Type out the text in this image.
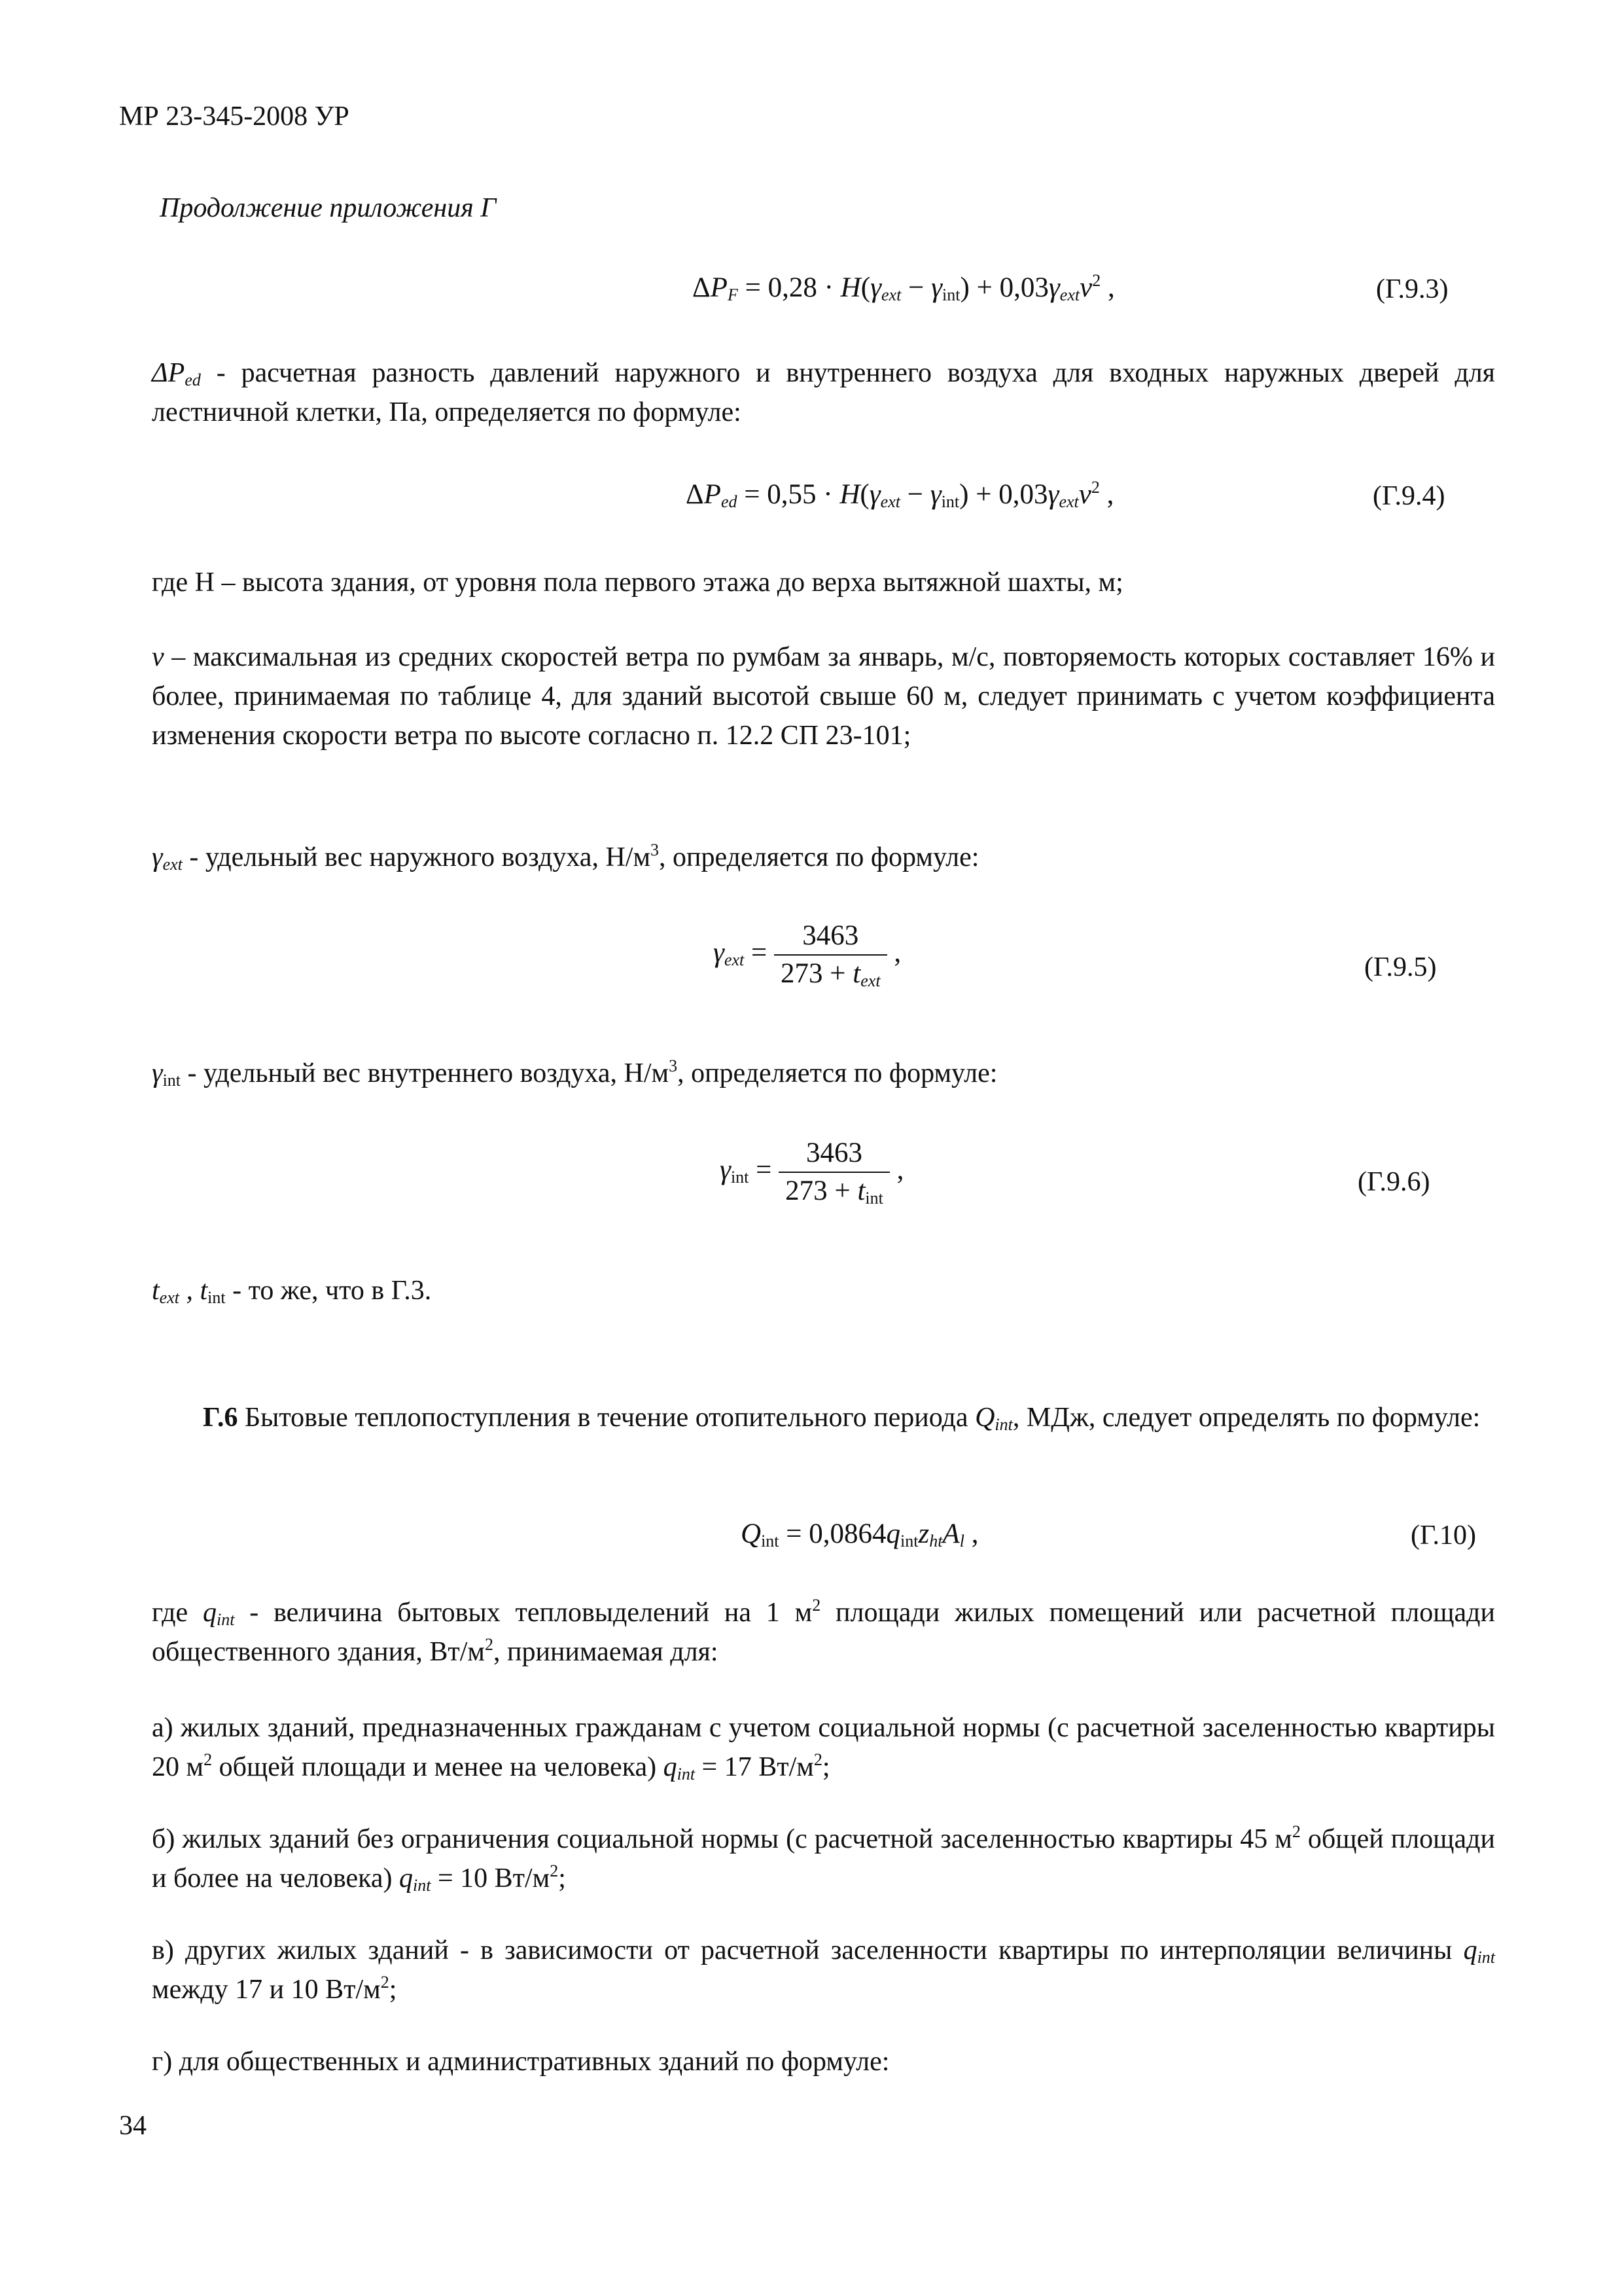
МР 23-345-2008 УР
Продолжение приложения Г
$\Delta P_F = 0,28 \cdot H(\gamma_{ext} - \gamma_{int}) + 0,03\gamma_{ext}\nu^2$ ,	(Г.9.3)

$\Delta P_{ed}$ - расчетная разность давлений наружного и внутреннего воздуха для входных наружных дверей для лестничной клетки, Па, определяется по формуле:

$\Delta P_{ed} = 0,55 \cdot H(\gamma_{ext} - \gamma_{int}) + 0,03\gamma_{ext}\nu^2$ ,	(Г.9.4)

где H – высота здания, от уровня пола первого этажа до верха вытяжной шахты, м;

ν – максимальная из средних скоростей ветра по румбам за январь, м/с, повторяемость которых составляет 16% и более, принимаемая по таблице 4, для зданий высотой свыше 60 м, следует принимать с учетом коэффициента изменения скорости ветра по высоте согласно п. 12.2 СП 23-101;

$\gamma_{ext}$ - удельный вес наружного воздуха, $Н/м^3$, определяется по формуле:

$\gamma_{ext} = \frac{3463}{273 + t_{ext}}$ ,	(Г.9.5)

$\gamma_{int}$ - удельный вес внутреннего воздуха, $Н/м^3$, определяется по формуле:

$\gamma_{int} = \frac{3463}{273 + t_{int}}$ ,	(Г.9.6)

$t_{ext}$ , $t_{int}$ - то же, что в Г.3.

Г.6 Бытовые теплопоступления в течение отопительного периода $Q_{int}$, МДж, следует определять по формуле:

$Q_{int} = 0,0864q_{int}z_{ht}A_l$ ,	(Г.10)

где $q_{int}$ - величина бытовых тепловыделений на 1 $м^2$ площади жилых помещений или расчетной площади общественного здания, $Вт/м^2$, принимаемая для:

а) жилых зданий, предназначенных гражданам с учетом социальной нормы (с расчетной заселенностью квартиры 20 $м^2$ общей площади и менее на человека) $q_{int} = 17$ $Вт/м^2$;

б) жилых зданий без ограничения социальной нормы (с расчетной заселенностью квартиры 45 $м^2$ общей площади и более на человека) $q_{int} = 10$ $Вт/м^2$;

в) других жилых зданий - в зависимости от расчетной заселенности квартиры по интерполяции величины $q_{int}$ между 17 и 10 $Вт/м^2$;

г) для общественных и административных зданий по формуле:

34
